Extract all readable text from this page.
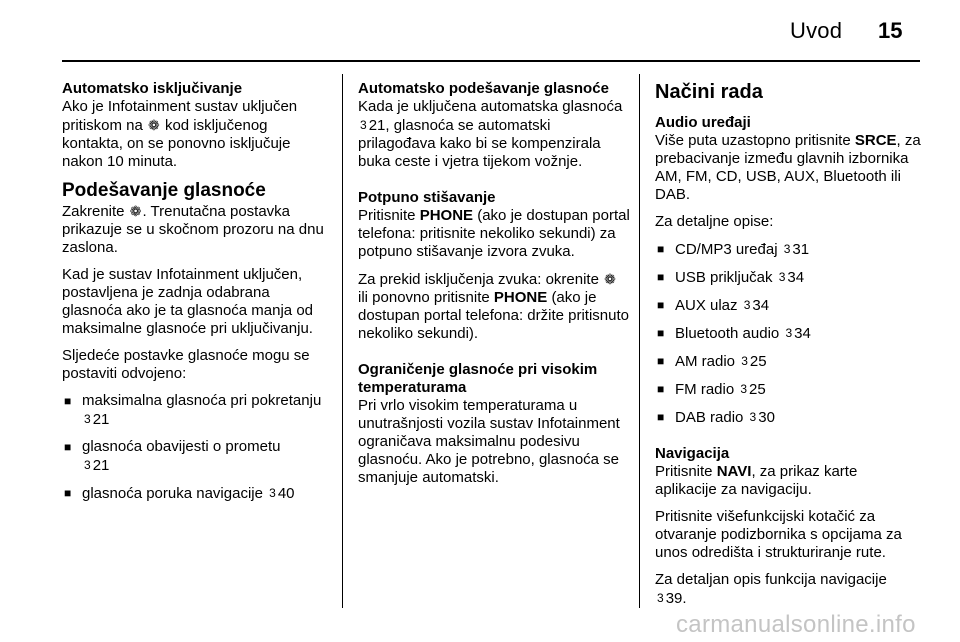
Uvod 15
Automatsko isključivanje

Ako je Infotainment sustav uključen pritiskom na ❁ kod isključenog kontakta, on se ponovno isključuje nakon 10 minuta.

Podešavanje glasnoće

Zakrenite ❁. Trenutačna postavka prikazuje se u skočnom prozoru na dnu zaslona.

Kad je sustav Infotainment uključen, postavljena je zadnja odabrana glasnoća ako je ta glasnoća manja od maksimalne glasnoće pri uključivanju.

Sljedeće postavke glasnoće mogu se postaviti odvojeno:

■ maksimalna glasnoća pri pokretanju 3 21
■ glasnoća obavijesti o prometu
3 21
■ glasnoća poruka navigacije 3 40
Automatsko podešavanje glasnoće

Kada je uključena automatska glasnoća 3 21, glasnoća se automatski prilagođava kako bi se kompenzirala buka ceste i vjetra tijekom vožnje.

Potpuno stišavanje

Pritisnite PHONE (ako je dostupan portal telefona: pritisnite nekoliko sekundi) za potpuno stišavanje izvora zvuka.

Za prekid isključenja zvuka: okrenite ❁ ili ponovno pritisnite PHONE (ako je dostupan portal telefona: držite pritisnuto nekoliko sekundi).

Ograničenje glasnoće pri visokim temperaturama

Pri vrlo visokim temperaturama u unutrašnjosti vozila sustav Infotainment ograničava maksimalnu podesivu glasnoću. Ako je potrebno, glasnoća se smanjuje automatski.

Načini rada
Audio uređaji

Više puta uzastopno pritisnite SRCE, za prebacivanje između glavnih izbornika AM, FM, CD, USB, AUX, Bluetooth ili DAB.

Za detaljne opise:

■ CD/MP3 uređaj 3 31
■ USB priključak 3 34
■ AUX ulaz 3 34
■ Bluetooth audio 3 34
■ AM radio 3 25
■ FM radio 3 25
■ DAB radio 3 30
Navigacija

Pritisnite NAVI, za prikaz karte aplikacije za navigaciju.

Pritisnite višefunkcijski kotačić za otvaranje podizbornika s opcijama za unos odredišta i strukturiranje rute.

Za detaljan opis funkcija navigacije
3 39.

carmanualsonline.info
